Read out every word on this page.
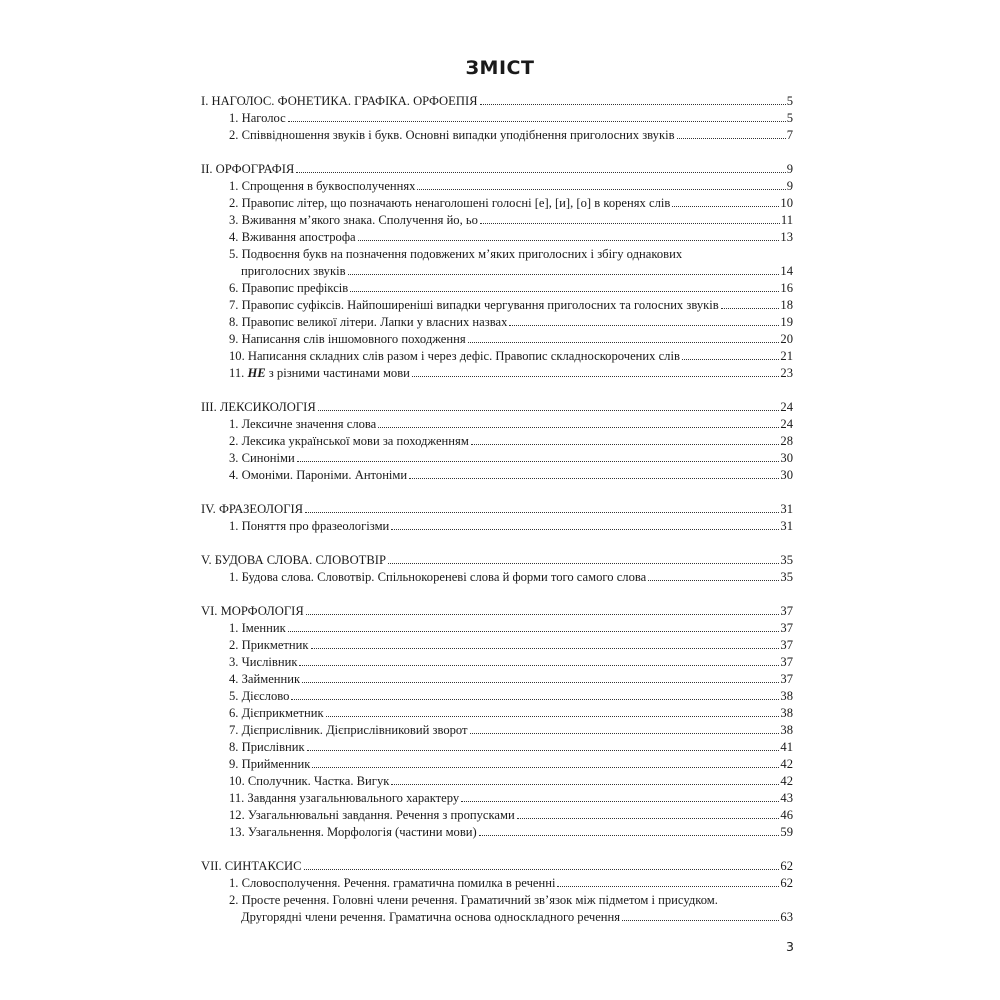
ЗМІСТ
I. НАГОЛОС. ФОНЕТИКА. ГРАФІКА. ОРФОЕПІЯ	5
1. Наголос	5
2. Співвідношення звуків і букв. Основні випадки уподібнення приголосних звуків	7
II. ОРФОГРАФІЯ	9
1. Спрощення в буквосполученнях	9
2. Правопис літер, що позначають ненаголошені голосні [е], [и], [о] в коренях слів	10
3. Вживання м’якого знака. Сполучення йо, ьо	11
4. Вживання апострофа	13
5. Подвоєння букв на позначення подовжених м’яких приголосних і збігу однакових
приголосних звуків	14
6. Правопис префіксів	16
7. Правопис суфіксів. Найпоширеніші випадки чергування приголосних та голосних звуків	18
8. Правопис великої літери. Лапки у власних назвах	19
9. Написання слів іншомовного походження	20
10. Написання складних слів разом і через дефіс. Правопис складноскорочених слів	21
11. НЕ з різними частинами мови	23
III. ЛЕКСИКОЛОГІЯ	24
1. Лексичне значення слова	24
2. Лексика української мови за походженням	28
3. Синоніми	30
4. Омоніми. Пароніми. Антоніми	30
IV. ФРАЗЕОЛОГІЯ	31
1. Поняття про фразеологізми	31
V. БУДОВА СЛОВА. СЛОВОТВІР	35
1. Будова слова. Словотвір. Спільнокореневі слова й форми того самого слова	35
VI. МОРФОЛОГІЯ	37
1. Іменник	37
2. Прикметник	37
3. Числівник	37
4. Займенник	37
5. Дієслово	38
6. Дієприкметник	38
7. Дієприслівник. Дієприслівниковий зворот	38
8. Прислівник	41
9. Прийменник	42
10. Сполучник. Частка. Вигук	42
11. Завдання узагальнювального характеру	43
12. Узагальнювальні завдання. Речення з пропусками	46
13. Узагальнення. Морфологія (частини мови)	59
VII. СИНТАКСИС	62
1. Словосполучення. Речення. граматична помилка в реченні	62
2. Просте речення. Головні члени речення. Граматичний зв’язок між підметом і присудком.
Другорядні члени речення. Граматична основа односкладного речення	63
3
